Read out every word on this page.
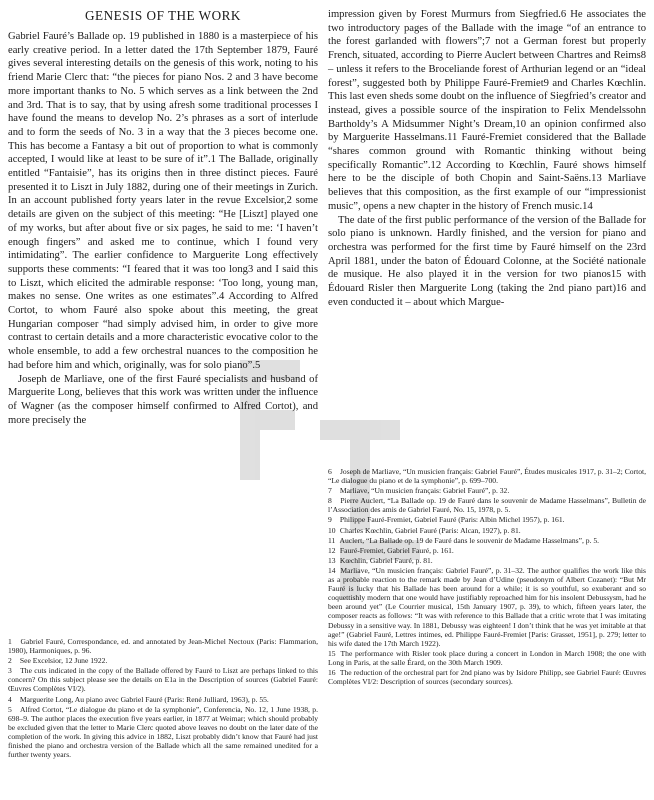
GENESIS OF THE WORK

Gabriel Fauré’s Ballade op. 19 published in 1880 is a masterpiece of his early creative period. In a letter dated the 17th September 1879, Fauré gives several interesting details on the genesis of this work, noting to his friend Marie Clerc that: “the pieces for piano Nos. 2 and 3 have become more important thanks to No. 5 which serves as a link between the 2nd and 3rd. That is to say, that by using afresh some traditional processes I have found the means to develop No. 2’s phrases as a sort of interlude and to form the seeds of No. 3 in a way that the 3 pieces become one. This has become a Fantasy a bit out of proportion to what is commonly accepted, I would like at least to be sure of it”.1 The Ballade, originally entitled “Fantaisie”, has its origins then in three distinct pieces. Fauré presented it to Liszt in July 1882, during one of their meetings in Zurich. In an account published forty years later in the revue Excelsior,2 some details are given on the subject of this meeting: “He [Liszt] played one of my works, but after about five or six pages, he said to me: ‘I haven’t enough fingers” and asked me to continue, which I found very intimidating”. The earlier confidence to Marguerite Long effectively supports these comments: “I feared that it was too long3 and I said this to Liszt, which elicited the admirable response: ‘Too long, young man, makes no sense. One writes as one estimates”.4 According to Alfred Cortot, to whom Fauré also spoke about this meeting, the great Hungarian composer “had simply advised him, in order to give more contrast to certain details and a more characteristic evocative color to the whole ensemble, to add a few orchestral nuances to the composition he had before him and which, originally, was for solo piano”.5

Joseph de Marliave, one of the first Fauré specialists and husband of Marguerite Long, believes that this work was written under the influence of Wagner (as the composer himself confirmed to Alfred Cortot), and more precisely the

1 Gabriel Fauré, Correspondance, ed. and annotated by Jean-Michel Nectoux (Paris: Flammarion, 1980), Harmoniques, p. 96.

2 See Excelsior, 12 June 1922.

3 The cuts indicated in the copy of the Ballade offered by Fauré to Liszt are perhaps linked to this concern? On this subject please see the details on E1a in the Description of sources (Gabriel Fauré: Œuvres Complètes VI/2).

4 Marguerite Long, Au piano avec Gabriel Fauré (Paris: René Julliard, 1963), p. 55.

5 Alfred Cortot, “Le dialogue du piano et de la symphonie”, Conferencia, No. 12, 1 June 1938, p. 698–9. The author places the execution five years earlier, in 1877 at Weimar; which should probably be excluded given that the letter to Marie Clerc quoted above leaves no doubt on the later date of the completion of the work. In giving this advice in 1882, Liszt probably didn’t know that Fauré had just finished the piano and orchestra version of the Ballade which all the same remained unedited for a further twenty years.

impression given by Forest Murmurs from Siegfried.6 He associates the two introductory pages of the Ballade with the image “of an entrance to the forest garlanded with flowers”;7 not a German forest but properly French, situated, according to Pierre Auclert between Chartres and Reims8 – unless it refers to the Broceliande forest of Arthurian legend or an “ideal forest”, suggested both by Philippe Fauré-Fremiet9 and Charles Kœchlin. This last even sheds some doubt on the influence of Siegfried’s creator and instead, gives a possible source of the inspiration to Felix Mendelssohn Bartholdy’s A Midsummer Night’s Dream,10 an opinion confirmed also by Marguerite Hasselmans.11 Fauré-Fremiet considered that the Ballade “shares common ground with Romantic thinking without being specifically Romantic”.12 According to Kœchlin, Fauré shows himself here to be the disciple of both Chopin and Saint-Saëns.13 Marliave believes that this composition, as the first example of our “impressionist music”, opens a new chapter in the history of French music.14

The date of the first public performance of the version of the Ballade for solo piano is unknown. Hardly finished, and the version for piano and orchestra was performed for the first time by Fauré himself on the 23rd April 1881, under the baton of Édouard Colonne, at the Société nationale de musique. He also played it in the version for two pianos15 with Édouard Risler then Marguerite Long (taking the 2nd piano part)16 and even conducted it – about which Margue-

6 Joseph de Marliave, “Un musicien français: Gabriel Fauré”, Études musicales 1917, p. 31–2; Cortot, “Le dialogue du piano et de la symphonie”, p. 699–700.

7 Marliave, “Un musicien français: Gabriel Fauré”, p. 32.

8 Pierre Auclert, “La Ballade op. 19 de Fauré dans le souvenir de Madame Hasselmans”, Bulletin de l’Association des amis de Gabriel Fauré, No. 15, 1978, p. 5.

9 Philippe Fauré-Fremiet, Gabriel Fauré (Paris: Albin Michel 1957), p. 161.

10 Charles Kœchlin, Gabriel Fauré (Paris: Alcan, 1927), p. 81.

11 Auclert, “La Ballade op. 19 de Fauré dans le souvenir de Madame Hasselmans”, p. 5.

12 Fauré-Fremiet, Gabriel Fauré, p. 161.

13 Kœchlin, Gabriel Fauré, p. 81.

14 Marliave, “Un musicien français: Gabriel Fauré”, p. 31–32. The author qualifies the work like this as a probable reaction to the remark made by Jean d’Udine (pseudonym of Albert Cozanet): “But Mr Fauré is lucky that his Ballade has been around for a while; it is so youthful, so exuberant and so coquettishly modern that one would have justifiably reproached him for his insolent Debussysm, had he been around yet” (Le Courrier musical, 15th January 1907, p. 39), to which, fifteen years later, the composer reacts as follows: “It was with reference to this Ballade that a critic wrote that I was imitating Debussy in a sensitive way. In 1881, Debussy was eighteen! I don’t think that he was yet imitable at that age!” (Gabriel Fauré, Lettres intimes, ed. Philippe Fauré-Fremiet [Paris: Grasset, 1951], p. 279; letter to his wife dated the 17th March 1922).

15 The performance with Risler took place during a concert in London in March 1908; the one with Long in Paris, at the salle Érard, on the 30th March 1909.

16 The reduction of the orchestral part for 2nd piano was by Isidore Philipp, see Gabriel Fauré: Œuvres Complètes VI/2: Description of sources (secondary sources).
